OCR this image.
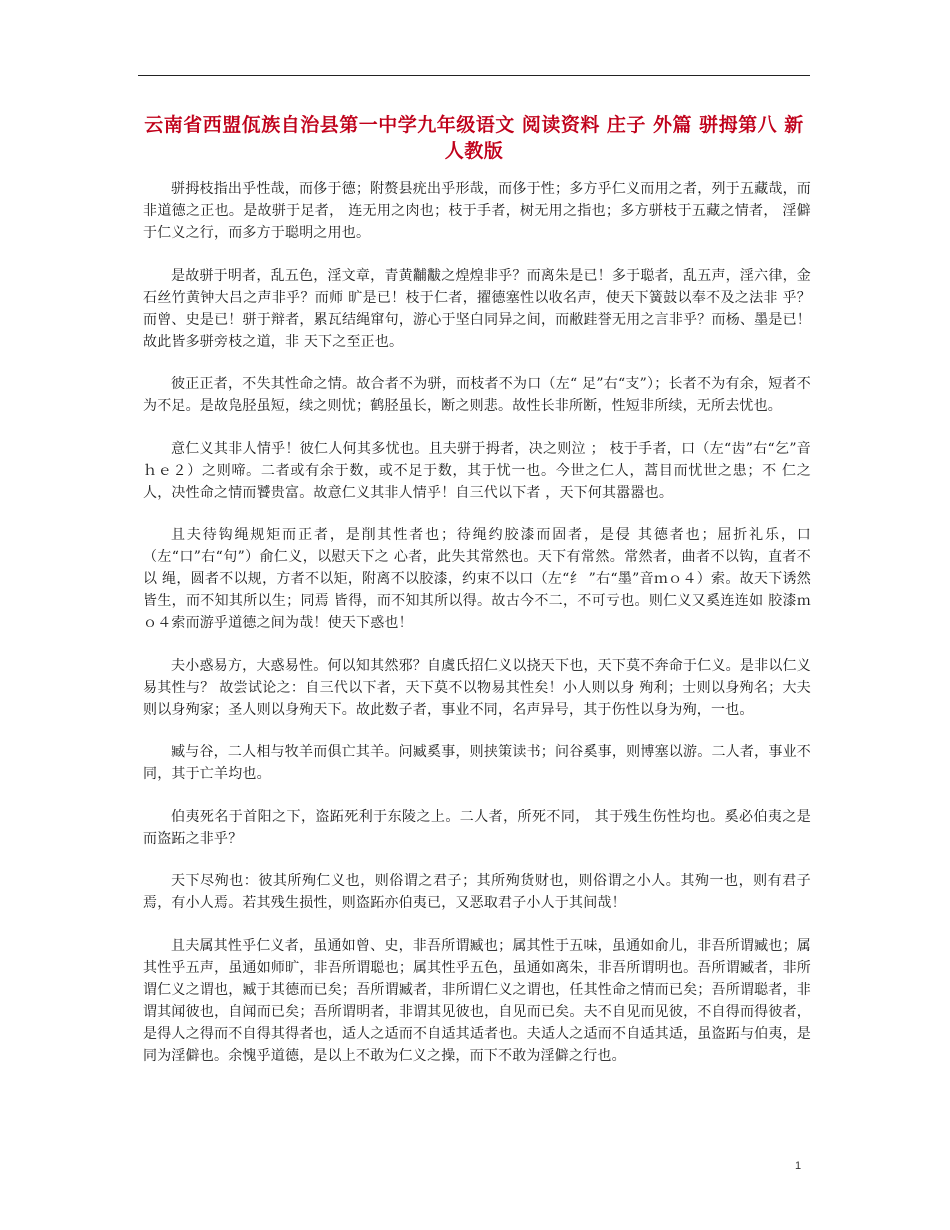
云南省西盟佤族自治县第一中学九年级语文 阅读资料 庄子 外篇 骈拇第八 新人教版

骈拇枝指出乎性哉，而侈于德；附赘县疣出乎形哉，而侈于性；多方乎仁义而用之者，列于五藏哉，而非道德之正也。是故骈于足者， 连无用之肉也；枝于手者，树无用之指也；多方骈枝于五藏之情者， 淫僻于仁义之行，而多方于聪明之用也。

是故骈于明者，乱五色，淫文章，青黄黼黻之煌煌非乎？而离朱是已！多于聪者，乱五声，淫六律，金石丝竹黄钟大吕之声非乎？而师 旷是已！枝于仁者，擢德塞性以收名声，使天下簧鼓以奉不及之法非 乎？而曾、史是已！骈于辩者，累瓦结绳窜句，游心于坚白同异之间，而敝跬誉无用之言非乎？而杨、墨是已！故此皆多骈旁枝之道，非 天下之至正也。

彼正正者，不失其性命之情。故合者不为骈，而枝者不为口（左“ 足”右“支”）；长者不为有余，短者不为不足。是故凫胫虽短，续之则忧；鹤胫虽长，断之则悲。故性长非所断，性短非所续，无所去忧也。

意仁义其非人情乎！彼仁人何其多忧也。且夫骈于拇者，决之则泣 ； 枝于手者，口（左“齿”右“乞”音ｈｅ２）之则啼。二者或有余于数，或不足于数，其于忧一也。今世之仁人，蒿目而忧世之患；不 仁之人，决性命之情而饕贵富。故意仁义其非人情乎！自三代以下者 ，天下何其嚣嚣也。

且夫待钩绳规矩而正者，是削其性者也；待绳约胶漆而固者，是侵 其德者也；屈折礼乐，口（左“口”右“句”）俞仁义，以慰天下之 心者，此失其常然也。天下有常然。常然者，曲者不以钩，直者不以 绳，圆者不以规，方者不以矩，附离不以胶漆，约束不以口（左“纟 ”右“墨”音ｍｏ４）索。故天下诱然皆生，而不知其所以生；同焉 皆得，而不知其所以得。故古今不二，不可亏也。则仁义又奚连连如 胶漆ｍｏ４索而游乎道德之间为哉！使天下惑也！

夫小惑易方，大惑易性。何以知其然邪？自虞氏招仁义以挠天下也，天下莫不奔命于仁义。是非以仁义易其性与？ 故尝试论之：自三代以下者，天下莫不以物易其性矣！小人则以身 殉利；士则以身殉名；大夫则以身殉家；圣人则以身殉天下。故此数子者，事业不同，名声异号，其于伤性以身为殉，一也。

臧与谷，二人相与牧羊而俱亡其羊。问臧奚事，则挟策读书；问谷奚事，则博塞以游。二人者，事业不同，其于亡羊均也。

伯夷死名于首阳之下，盗跖死利于东陵之上。二人者，所死不同， 其于残生伤性均也。奚必伯夷之是而盗跖之非乎？

天下尽殉也：彼其所殉仁义也，则俗谓之君子；其所殉货财也，则俗谓之小人。其殉一也，则有君子焉，有小人焉。若其残生损性，则盗跖亦伯夷已，又恶取君子小人于其间哉！

且夫属其性乎仁义者，虽通如曾、史，非吾所谓臧也；属其性于五味，虽通如俞儿，非吾所谓臧也；属其性乎五声，虽通如师旷，非吾所谓聪也；属其性乎五色，虽通如离朱，非吾所谓明也。吾所谓臧者，非所谓仁义之谓也，臧于其德而已矣；吾所谓臧者，非所谓仁义之谓也，任其性命之情而已矣；吾所谓聪者，非谓其闻彼也，自闻而已矣；吾所谓明者，非谓其见彼也，自见而已矣。夫不自见而见彼，不自得而得彼者，是得人之得而不自得其得者也，适人之适而不自适其适者也。夫适人之适而不自适其适，虽盗跖与伯夷，是同为淫僻也。余愧乎道德，是以上不敢为仁义之操，而下不敢为淫僻之行也。

1
